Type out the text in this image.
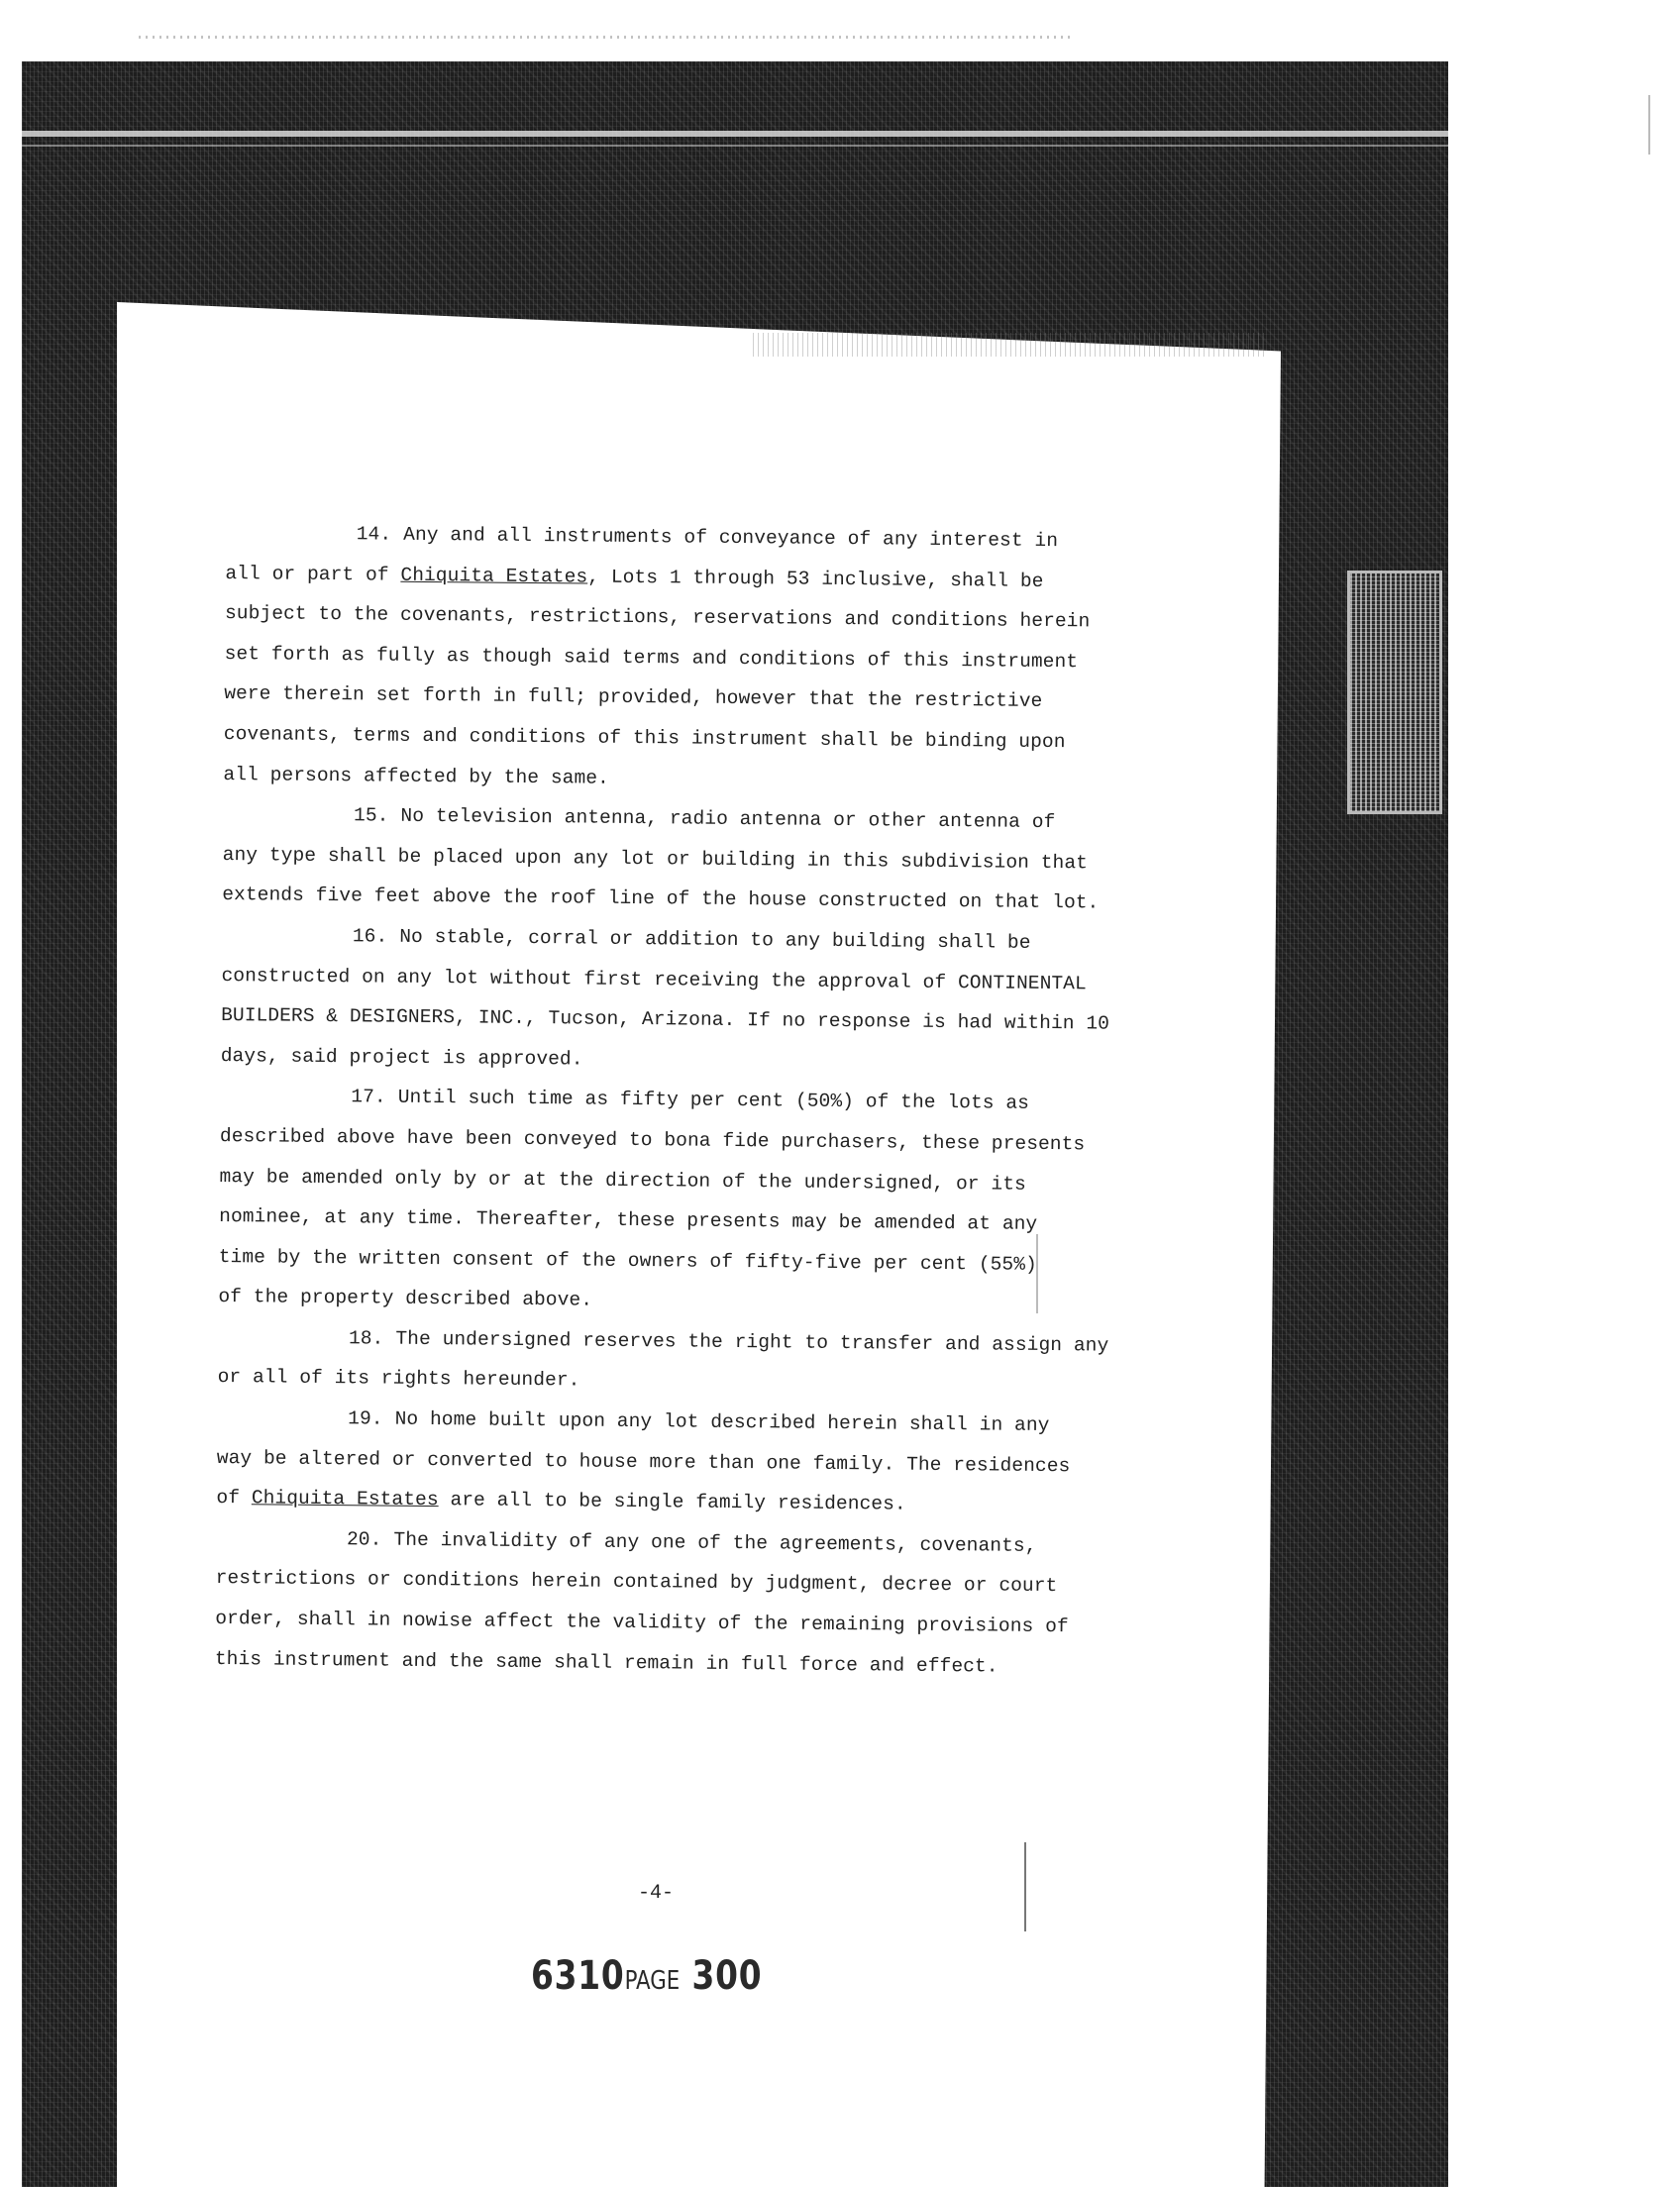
14. Any and all instruments of conveyance of any interest in
all or part of Chiquita Estates, Lots 1 through 53 inclusive, shall be
subject to the covenants, restrictions, reservations and conditions herein
set forth as fully as though said terms and conditions of this instrument
were therein set forth in full; provided, however that the restrictive
covenants, terms and conditions of this instrument shall be binding upon
all persons affected by the same.
15. No television antenna, radio antenna or other antenna of
any type shall be placed upon any lot or building in this subdivision that
extends five feet above the roof line of the house constructed on that lot.
16. No stable, corral or addition to any building shall be
constructed on any lot without first receiving the approval of CONTINENTAL
BUILDERS & DESIGNERS, INC., Tucson, Arizona. If no response is had within 10
days, said project is approved.
17. Until such time as fifty per cent (50%) of the lots as
described above have been conveyed to bona fide purchasers, these presents
may be amended only by or at the direction of the undersigned, or its
nominee, at any time. Thereafter, these presents may be amended at any
time by the written consent of the owners of fifty-five per cent (55%)
of the property described above.
18. The undersigned reserves the right to transfer and assign any
or all of its rights hereunder.
19. No home built upon any lot described herein shall in any
way be altered or converted to house more than one family. The residences
of Chiquita Estates are all to be single family residences.
20. The invalidity of any one of the agreements, covenants,
restrictions or conditions herein contained by judgment, decree or court
order, shall in nowise affect the validity of the remaining provisions of
this instrument and the same shall remain in full force and effect.
-4-
6310PAGE 300
